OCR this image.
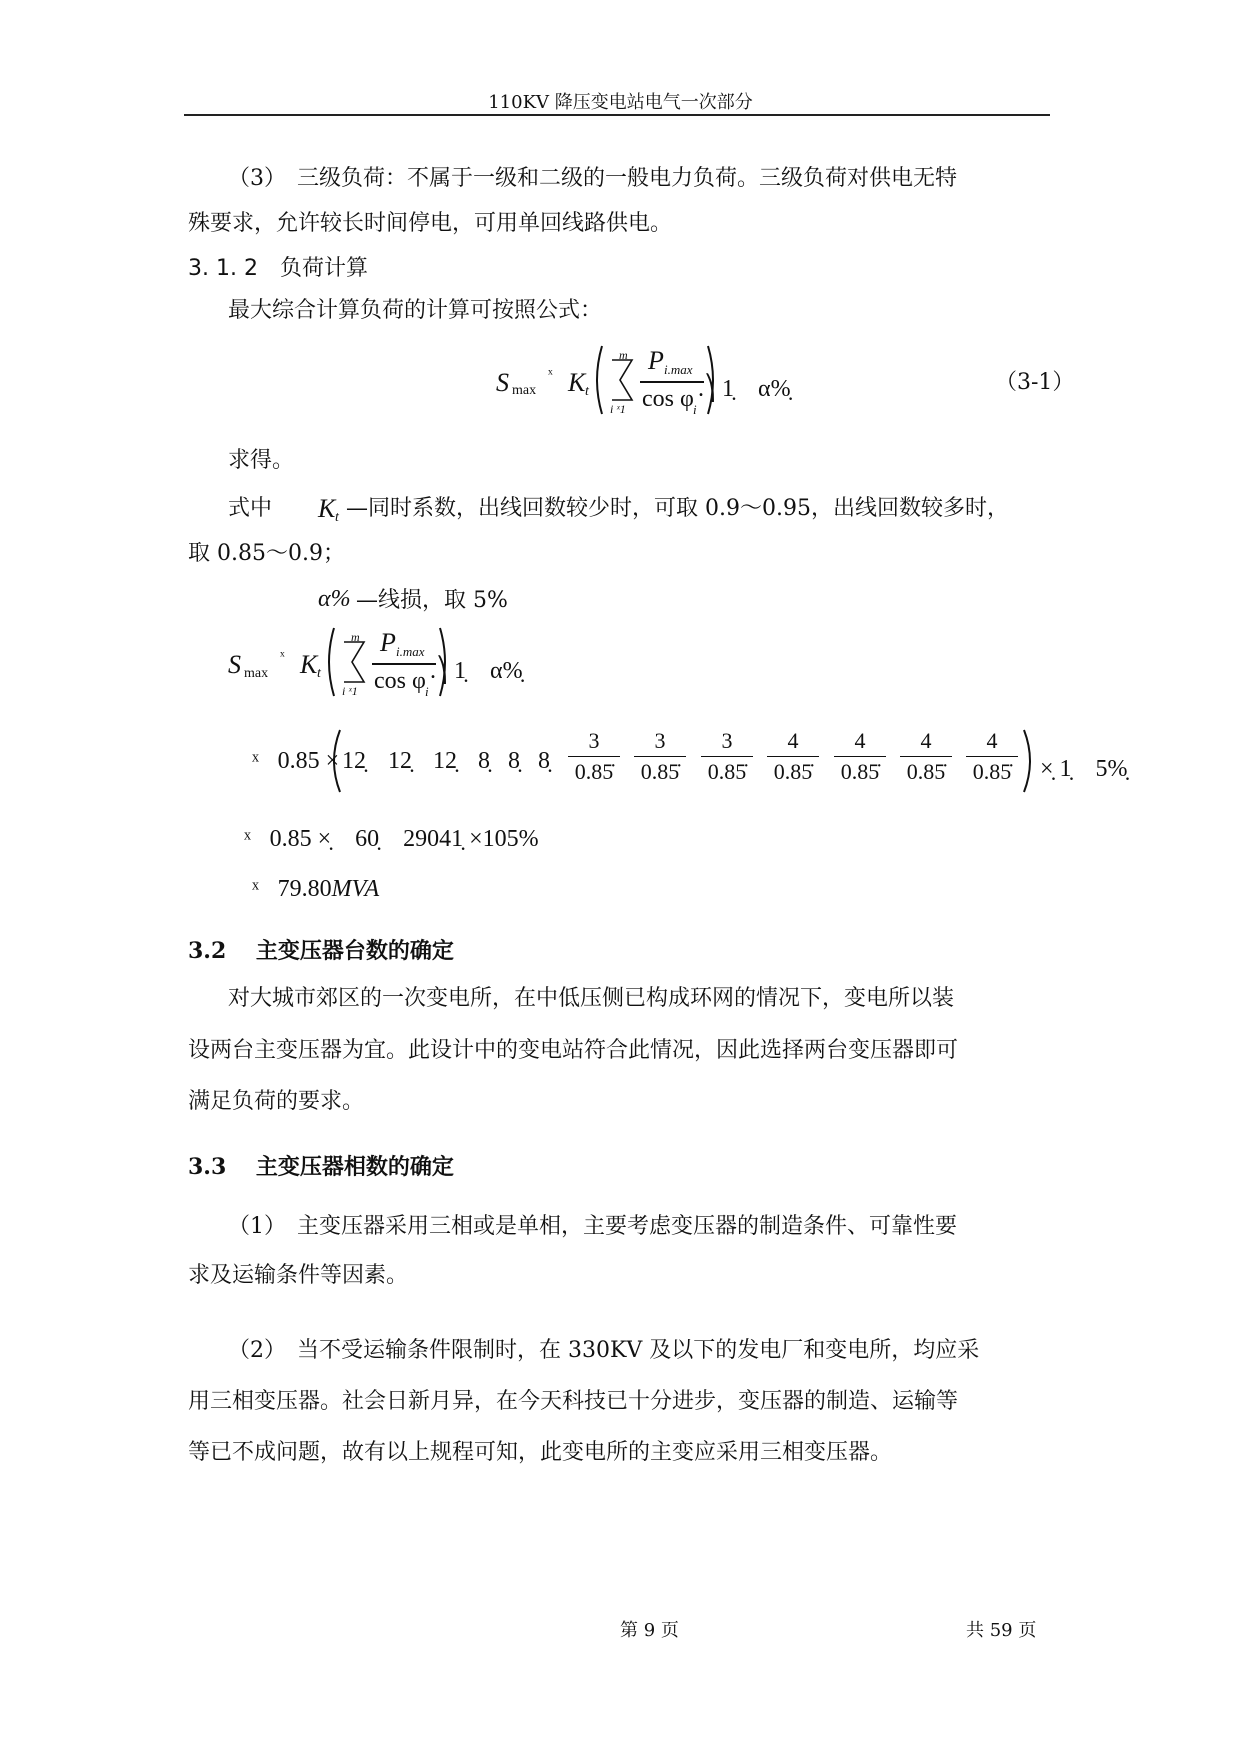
110KV 降压变电站电气一次部分
（3）　三级负荷：不属于一级和二级的一般电力负荷。三级负荷对供电无特
殊要求，允许较长时间停电，可用单回线路供电。
3. 1. 2　负荷计算
最大综合计算负荷的计算可按照公式：
S max
ˣ᪰ K t
m
i ˣ1
P i.max
cos φ i
.⎞ 1̣　α%̣	（3-1）
求得。
式中 K t —同时系数，出线回数较少时，可取 0.9～0.95，出线回数较多时，
取 0.85～0.9；
α% —线损，取 5%
S max
ˣ᪰ K t
m
i ˣ1
P i.max
cos φ i
.⎞ 1̣　α%̣
ˣ᪰0.85 × 12̣ 12̣ 12̣ 8̣ 8̣ 8̣ $\frac{3}{0.85̇} \frac{3}{0.85̇} \frac{3}{0.85̇} \frac{4}{0.85̇} \frac{4}{0.85̇} \frac{4}{0.85̇} \frac{4}{0.85̇}$ ×̣ 1̣　5%̣
ˣ᪰0.85 ×̣　60̣　29041̣ ×105%
ˣ᪰79.80MVA
3.2　 主变压器台数的确定
对大城市郊区的一次变电所，在中低压侧已构成环网的情况下，变电所以装
设两台主变压器为宜。此设计中的变电站符合此情况，因此选择两台变压器即可
满足负荷的要求。
3.3　 主变压器相数的确定
（1）　主变压器采用三相或是单相，主要考虑变压器的制造条件、可靠性要
求及运输条件等因素。
（2）　当不受运输条件限制时，在 330KV 及以下的发电厂和变电所，均应采
用三相变压器。社会日新月异，在今天科技已十分进步，变压器的制造、运输等
等已不成问题，故有以上规程可知，此变电所的主变应采用三相变压器。
第 9 页	共 59 页
